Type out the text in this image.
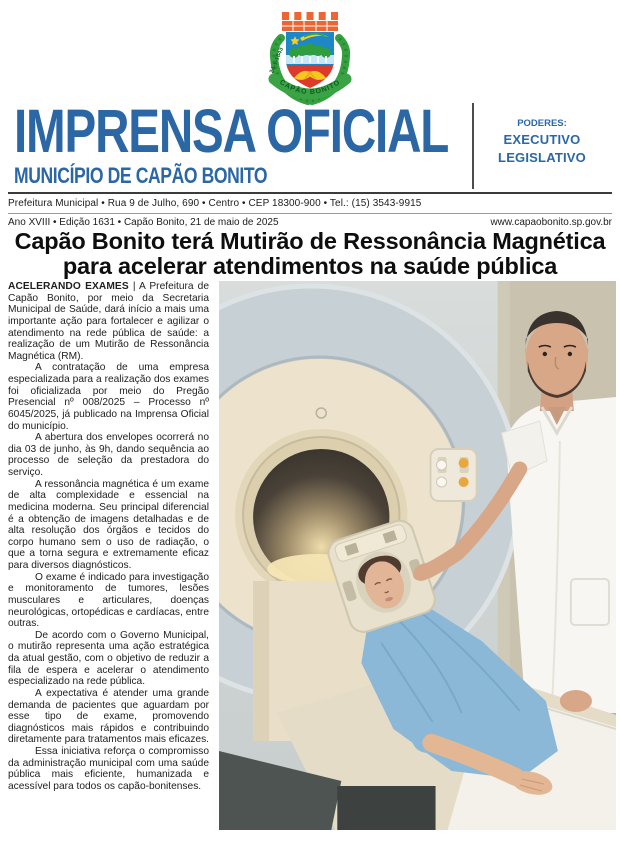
24-1-1843
CAPÃO BONITO
IMPRENSA OFICIAL
MUNICÍPIO DE CAPÃO BONITO
PODERES:
EXECUTIVO
LEGISLATIVO
Prefeitura Municipal • Rua 9 de Julho, 690 • Centro • CEP 18300-900 • Tel.: (15) 3543-9915
Ano XVIII • Edição 1631 • Capão Bonito, 21 de maio de 2025	www.capaobonito.sp.gov.br
Capão Bonito terá Mutirão de Ressonância Magnética
para acelerar atendimentos na saúde pública

ACELERANDO EXAMES | A Prefeitura de Capão Bonito, por meio da Secretaria Municipal de Saúde, dará início a mais uma importante ação para fortalecer e agilizar o atendimento na rede pública de saúde: a realização de um Mutirão de Ressonância Magnética (RM).

A contratação de uma empresa especializada para a realização dos exames foi oficializada por meio do Pregão Presencial nº 008/2025 – Processo nº 6045/2025, já publicado na Imprensa Oficial do município.

A abertura dos envelopes ocorrerá no dia 03 de junho, às 9h, dando sequência ao processo de seleção da prestadora do serviço.

A ressonância magnética é um exame de alta complexidade e essencial na medicina moderna. Seu principal diferencial é a obtenção de imagens detalhadas e de alta resolução dos órgãos e tecidos do corpo humano sem o uso de radiação, o que a torna segura e extremamente eficaz para diversos diagnósticos.

O exame é indicado para investigação e monitoramento de tumores, lesões musculares e articulares, doenças neurológicas, ortopédicas e cardíacas, entre outras.

De acordo com o Governo Municipal, o mutirão representa uma ação estratégica da atual gestão, com o objetivo de reduzir a fila de espera e acelerar o atendimento especializado na rede pública.

A expectativa é atender uma grande demanda de pacientes que aguardam por esse tipo de exame, promovendo diagnósticos mais rápidos e contribuindo diretamente para tratamentos mais eficazes.

Essa iniciativa reforça o compromisso da administração municipal com uma saúde pública mais eficiente, humanizada e acessível para todos os capão-bonitenses.
